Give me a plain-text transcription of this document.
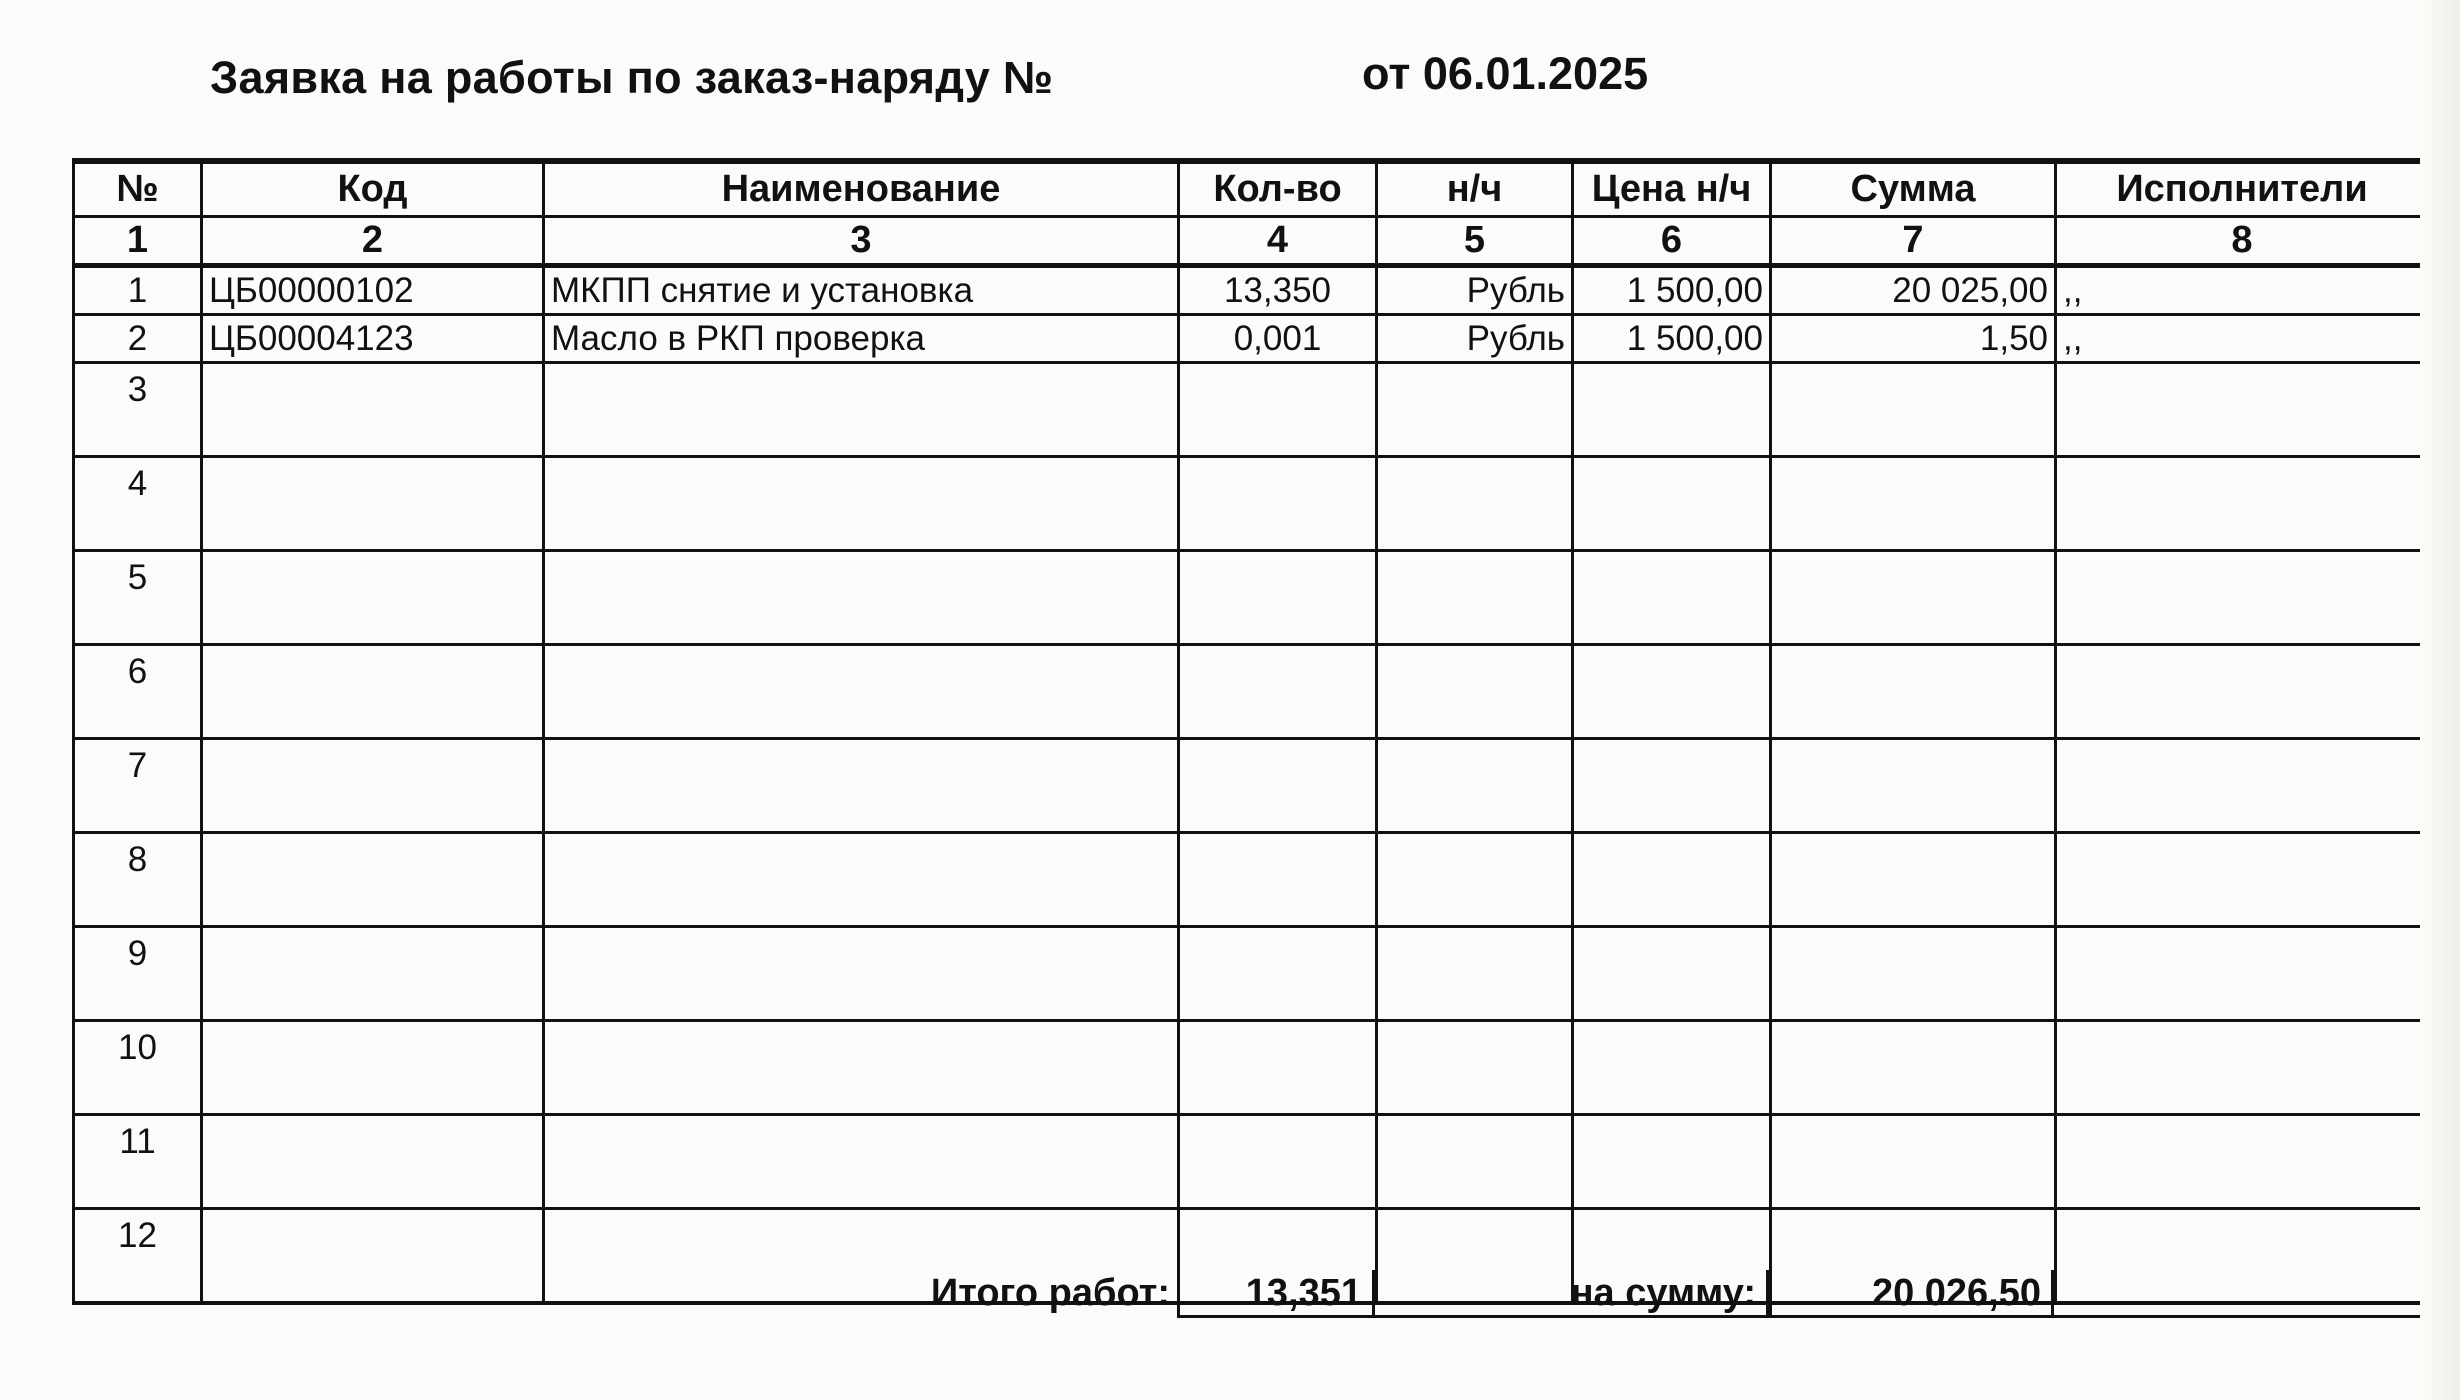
Заявка на работы по заказ-наряду №	от 06.01.2025
№	Код	Наименование	Кол-во	н/ч	Цена н/ч	Сумма	Исполнители
1	2	3	4	5	6	7	8
1	ЦБ00000102	МКПП снятие и установка	13,350	Рубль	1 500,00	20 025,00	,,
2	ЦБ00004123	Масло в РКП проверка	0,001	Рубль	1 500,00	1,50	,,
3							
4							
5							
6							
7							
8							
9							
10							
11							
12							
Итого работ:	13,351	на сумму:	20 026,50
